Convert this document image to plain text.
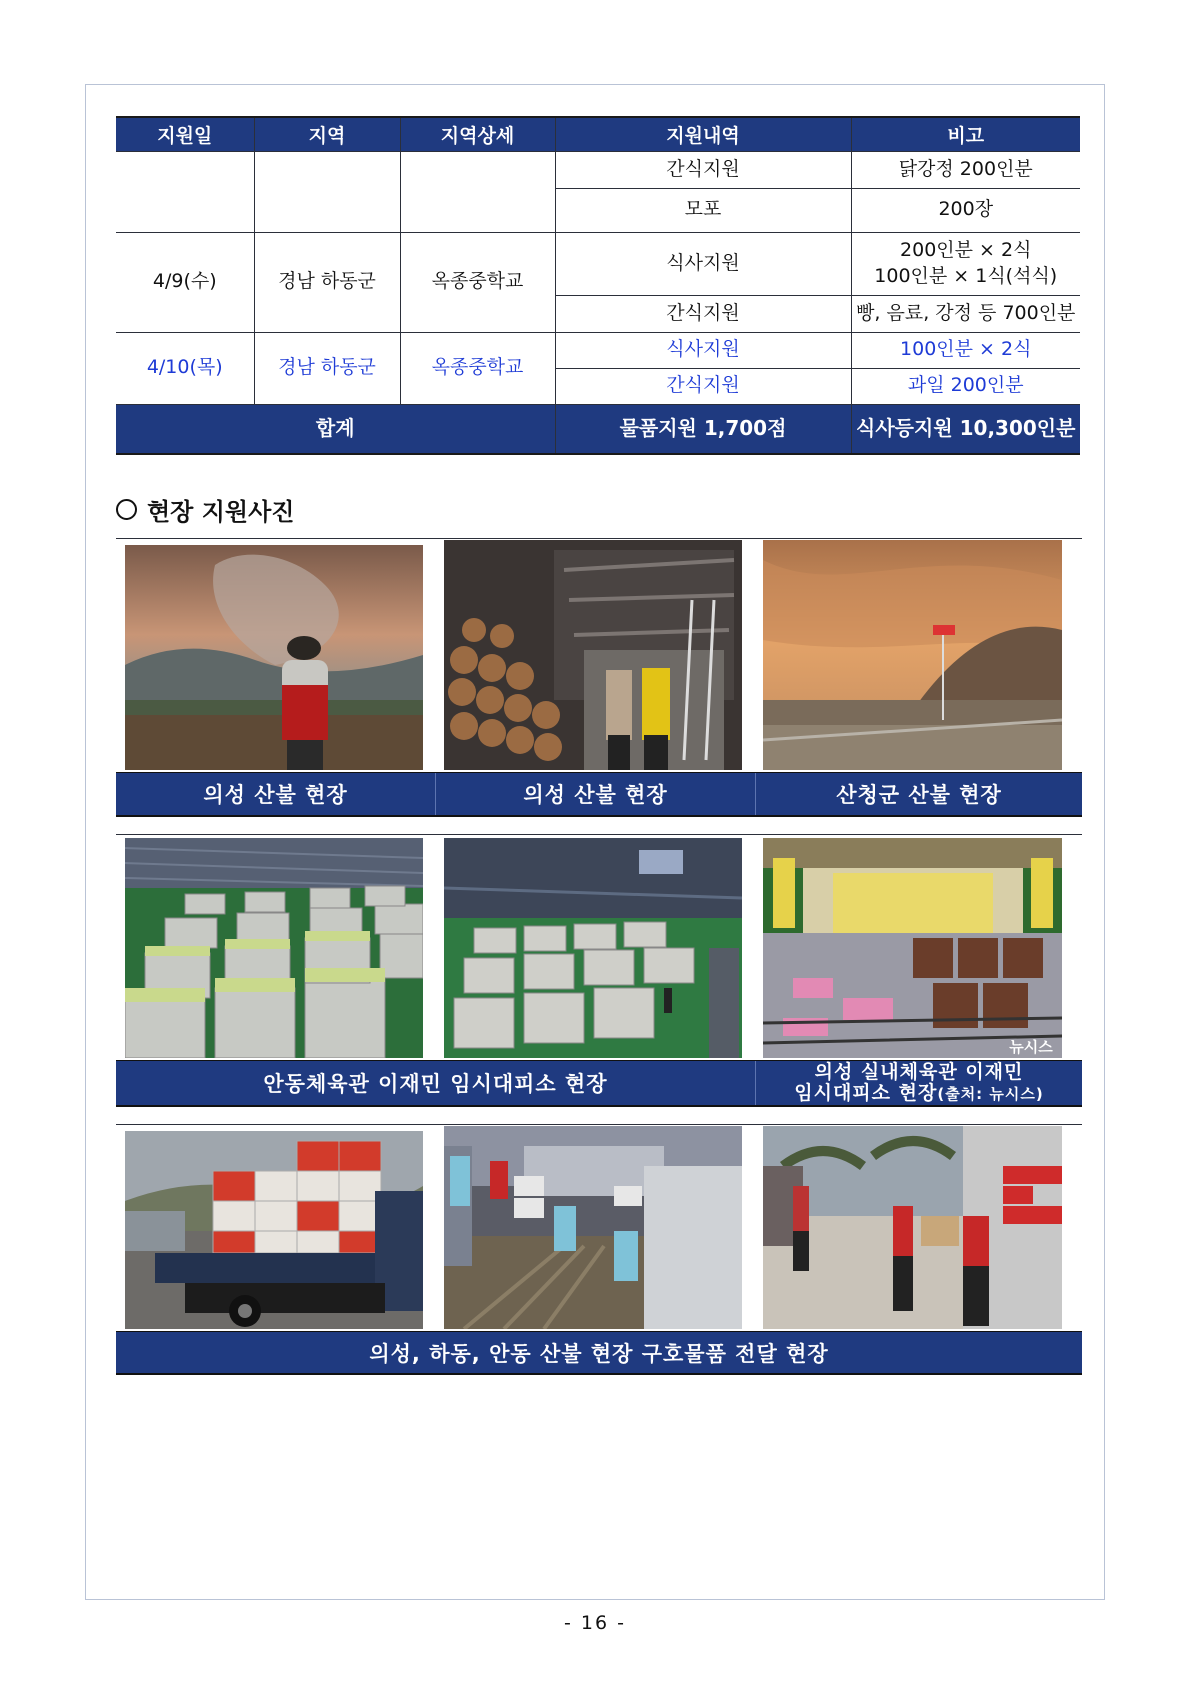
지원일	지역	지역상세	지원내역	비고
			간식지원	닭강정 200인분
			모포	200장
4/9(수)	경남 하동군	옥종중학교	식사지원	200인분 × 2식
100인분 × 1식(석식)

			간식지원	빵, 음료, 강정 등 700인분
4/10(목)	경남 하동군	옥종중학교	식사지원	100인분 × 2식
			간식지원	과일 200인분
합계			물품지원 1,700점	식사등지원 10,300인분
현장 지원사진
의성 산불 현장	의성 산불 현장	산청군 산불 현장
뉴시스
안동체육관 이재민 임시대피소 현장	의성 실내체육관 이재민
임시대피소 현장(출처: 뉴시스)
의성, 하동, 안동 산불 현장 구호물품 전달 현장
- 16 -
